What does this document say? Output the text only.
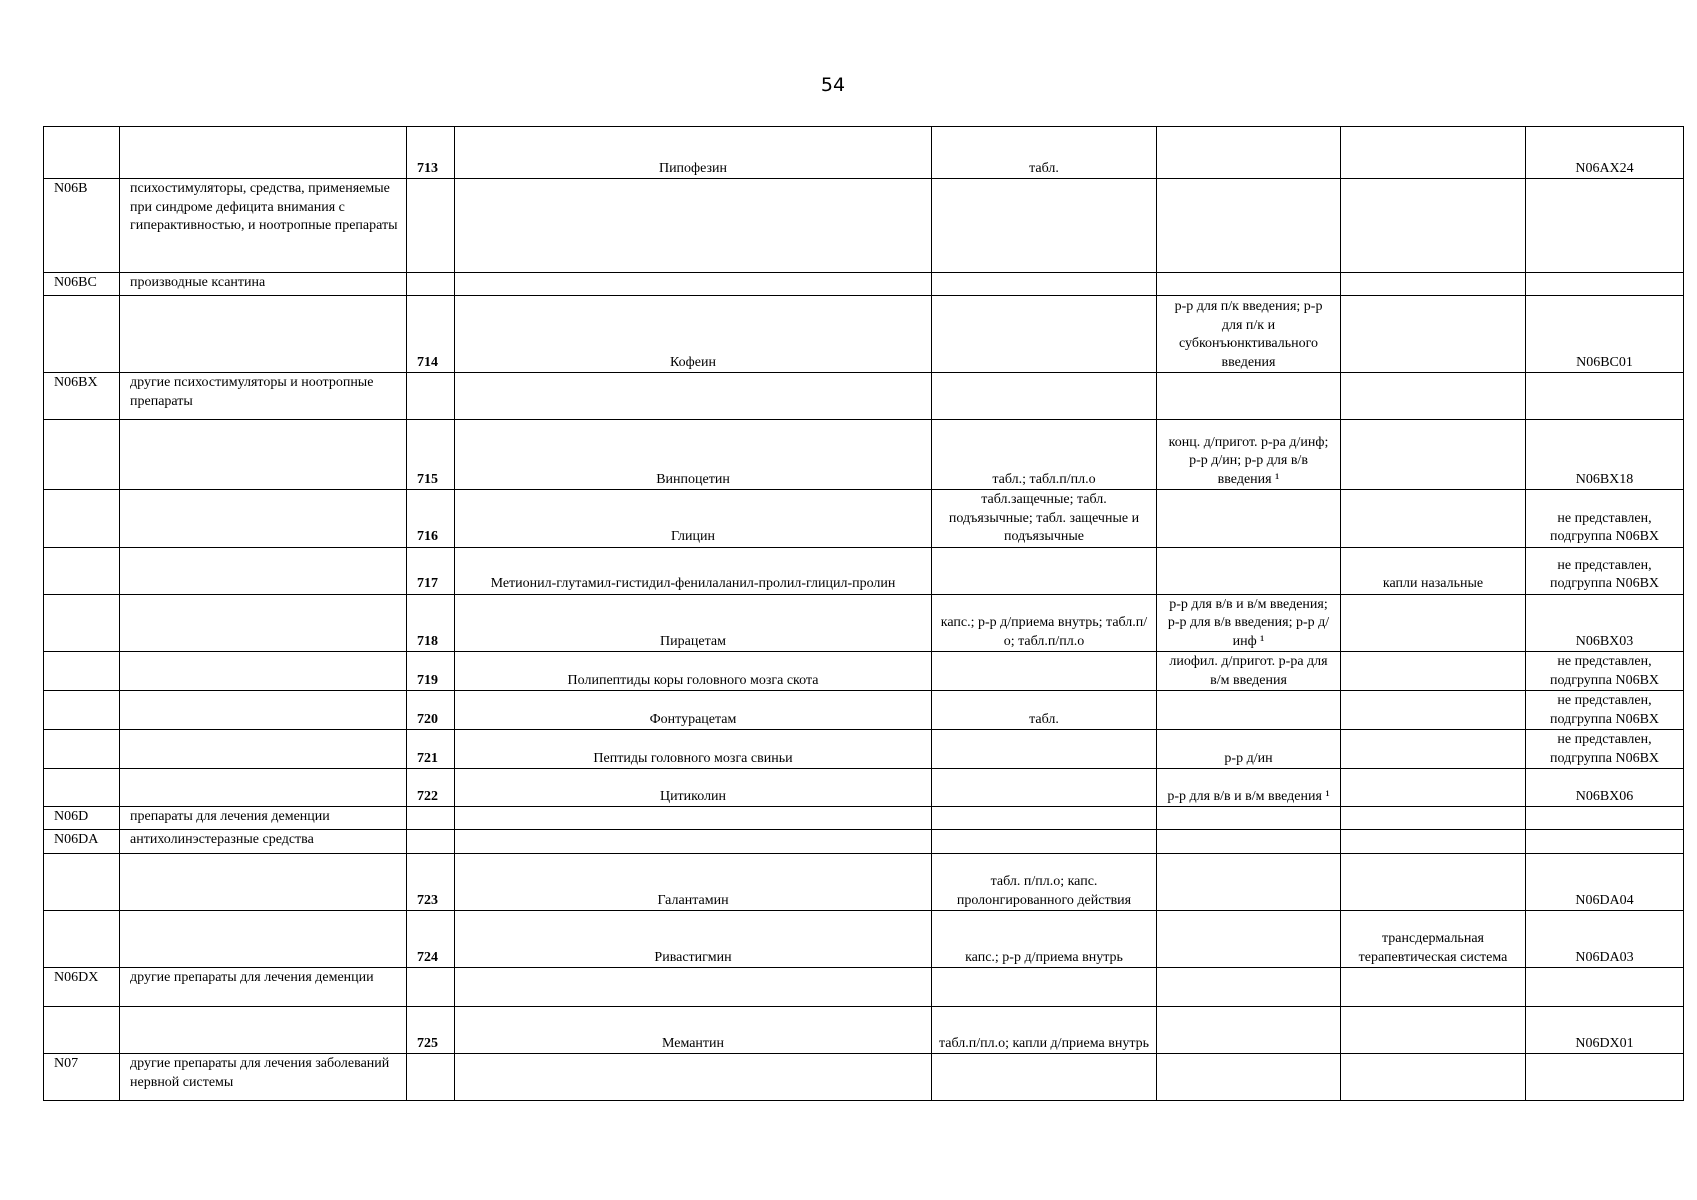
54
		713	Пипофезин	табл.			N06AX24
N06B	психостимуляторы, средства, применяемые при синдроме дефицита внимания с гиперактивностью, и ноотропные препараты						
N06BC	производные ксантина						
		714	Кофеин		р-р для п/к введения; р-р для п/к и субконъюнктивального введения		N06BC01
N06BX	другие психостимуляторы и ноотропные препараты						
		715	Винпоцетин	табл.; табл.п/пл.о	конц. д/пригот. р-ра д/инф; р-р д/ин; р-р для в/в введения ¹		N06BX18
		716	Глицин	табл.защечные; табл. подъязычные; табл. защечные и подъязычные			не представлен,
подгруппа N06BX
		717	Метионил-глутамил-гистидил-фенилаланил-пролил-глицил-пролин			капли назальные	не представлен,
подгруппа N06BX
		718	Пирацетам	капс.; р-р д/приема внутрь; табл.п/о; табл.п/пл.о	р-р для в/в и в/м введения; р-р для в/в введения; р-р д/инф ¹		N06BX03
		719	Полипептиды коры головного мозга скота		лиофил. д/пригот. р-ра для в/м введения		не представлен,
подгруппа N06BX
		720	Фонтурацетам	табл.			не представлен,
подгруппа N06BX
		721	Пептиды головного мозга свиньи		р-р д/ин		не представлен,
подгруппа N06BX
		722	Цитиколин		р-р для в/в и в/м введения ¹		N06BX06
N06D	препараты для лечения деменции						
N06DA	антихолинэстеразные средства						
		723	Галантамин	табл. п/пл.о; капс. пролонгированного действия			N06DA04
		724	Ривастигмин	капс.; р-р д/приема внутрь		трансдермальная терапевтическая система	N06DA03
N06DX	другие препараты для лечения деменции						
		725	Мемантин	табл.п/пл.о; капли д/приема внутрь			N06DX01
N07	другие препараты для лечения заболеваний нервной системы						
